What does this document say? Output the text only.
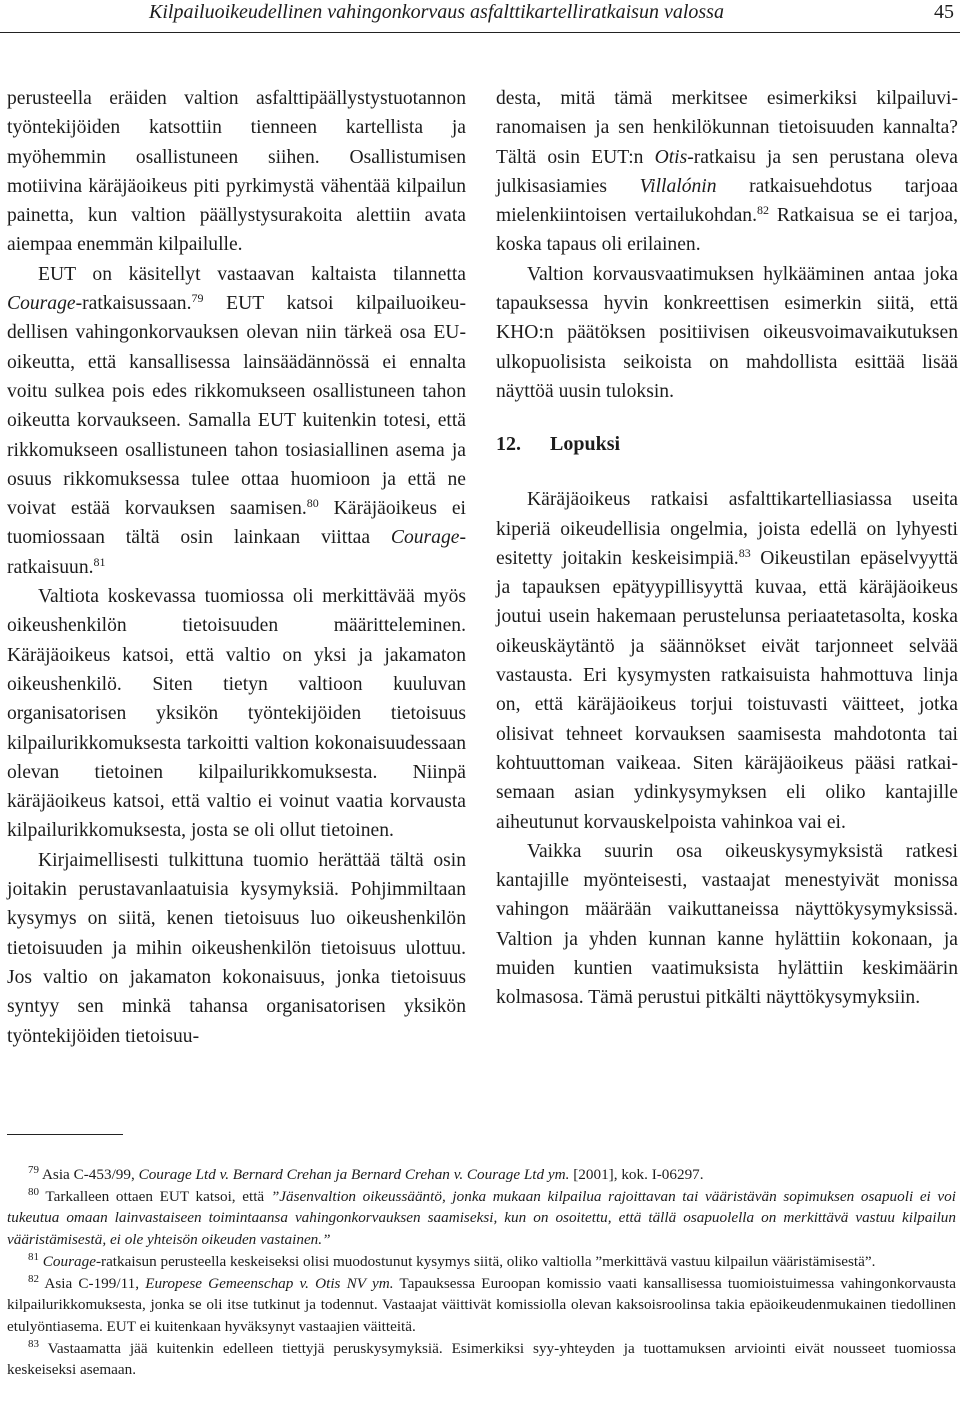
Kilpailuoikeudellinen vahingonkorvaus asfalttikartelliratkaisun valossa	45

perusteella eräiden valtion asfalttipäällystystuotannon työntekijöiden katsottiin tienneen kartellista ja myöhemmin osallistuneen siihen. Osallistumisen motiivina käräjäoikeus piti pyrkimystä vähentää kilpailun painetta, kun valtion päällystysurakoita alettiin avata aiempaa enemmän kilpailulle.

EUT on käsitellyt vastaavan kaltaista tilannetta Courage-ratkaisussaan.$^{79}$ EUT katsoi kilpailuoikeudellisen vahingonkorvauksen olevan niin tärkeä osa EU-oikeutta, että kansallisessa lainsäädännössä ei ennalta voitu sulkea pois edes rikkomukseen osallistuneen tahon oikeutta korvaukseen. Samalla EUT kuitenkin totesi, että rikkomukseen osallistuneen tahon tosiasiallinen asema ja osuus rikkomuksessa tulee ottaa huomioon ja että ne voivat estää korvauksen saamisen.$^{80}$ Käräjäoikeus ei tuomiossaan tältä osin lainkaan viittaa Courage-ratkaisuun.$^{81}$

Valtiota koskevassa tuomiossa oli merkittävää myös oikeushenkilön tietoisuuden määritteleminen. Käräjäoikeus katsoi, että valtio on yksi ja jakamaton oikeushenkilö. Siten tietyn valtioon kuuluvan organisatorisen yksikön työntekijöiden tietoisuus kilpailurikkomuksesta tarkoitti valtion kokonaisuudessaan olevan tietoinen kilpailurikkomuksesta. Niinpä käräjäoikeus katsoi, että valtio ei voinut vaatia korvausta kilpailurikkomuksesta, josta se oli ollut tietoinen.

Kirjaimellisesti tulkittuna tuomio herättää tältä osin joitakin perustavanlaatuisia kysymyksiä. Pohjimmiltaan kysymys on siitä, kenen tietoisuus luo oikeushenkilön tietoisuuden ja mihin oikeushenkilön tietoisuus ulottuu. Jos valtio on jakamaton kokonaisuus, jonka tietoisuus syntyy sen minkä tahansa organisatorisen yksikön työntekijöiden tietoisuu-

desta, mitä tämä merkitsee esimerkiksi kilpailuviranomaisen ja sen henkilökunnan tietoisuuden kannalta? Tältä osin EUT:n Otis-ratkaisu ja sen perustana oleva julkisasiamies Villalónin ratkaisuehdotus tarjoaa mielenkiintoisen vertailukohdan.$^{82}$ Ratkaisua se ei tarjoa, koska tapaus oli erilainen.

Valtion korvausvaatimuksen hylkääminen antaa joka tapauksessa hyvin konkreettisen esimerkin siitä, että KHO:n päätöksen positiivisen oikeusvoimavaikutuksen ulkopuolisista seikoista on mahdollista esittää lisää näyttöä uusin tuloksin.

12. Lopuksi

Käräjäoikeus ratkaisi asfalttikartelliasiassa useita kiperiä oikeudellisia ongelmia, joista edellä on lyhyesti esitetty joitakin keskeisimpiä.$^{83}$ Oikeustilan epäselvyyttä ja tapauksen epätyypillisyyttä kuvaa, että käräjäoikeus joutui usein hakemaan perustelunsa periaatetasolta, koska oikeuskäytäntö ja säännökset eivät tarjonneet selvää vastausta. Eri kysymysten ratkaisuista hahmottuva linja on, että käräjäoikeus torjui toistuvasti väitteet, jotka olisivat tehneet korvauksen saamisesta mahdotonta tai kohtuuttoman vaikeaa. Siten käräjäoikeus pääsi ratkaisemaan asian ydinkysymyksen eli oliko kantajille aiheutunut korvauskelpoista vahinkoa vai ei.

Vaikka suurin osa oikeuskysymyksistä ratkesi kantajille myönteisesti, vastaajat menestyivät monissa vahingon määrään vaikuttaneissa näyttökysymyksissä. Valtion ja yhden kunnan kanne hylättiin kokonaan, ja muiden kuntien vaatimuksista hylättiin keskimäärin kolmasosa. Tämä perustui pitkälti näyttökysymyksiin.

$^{79}$ Asia C-453/99, Courage Ltd v. Bernard Crehan ja Bernard Crehan v. Courage Ltd ym. [2001], kok. I-06297.

$^{80}$ Tarkalleen ottaen EUT katsoi, että ”Jäsenvaltion oikeussääntö, jonka mukaan kilpailua rajoittavan tai vääristävän sopimuksen osapuoli ei voi tukeutua omaan lainvastaiseen toimintaansa vahingonkorvauksen saamiseksi, kun on osoitettu, että tällä osapuolella on merkittävä vastuu kilpailun vääristämisestä, ei ole yhteisön oikeuden vastainen.”

$^{81}$ Courage-ratkaisun perusteella keskeiseksi olisi muodostunut kysymys siitä, oliko valtiolla ”merkittävä vastuu kilpailun vääristämisestä”.

$^{82}$ Asia C-199/11, Europese Gemeenschap v. Otis NV ym. Tapauksessa Euroopan komissio vaati kansallisessa tuomioistuimessa vahingonkorvausta kilpailurikkomuksesta, jonka se oli itse tutkinut ja todennut. Vastaajat väittivät komissiolla olevan kaksoisroolinsa takia epäoikeudenmukainen tiedollinen etulyöntiasema. EUT ei kuitenkaan hyväksynyt vastaajien väitteitä.

$^{83}$ Vastaamatta jää kuitenkin edelleen tiettyjä peruskysymyksiä. Esimerkiksi syy-yhteyden ja tuottamuksen arviointi eivät nousseet tuomiossa keskeiseksi asemaan.
